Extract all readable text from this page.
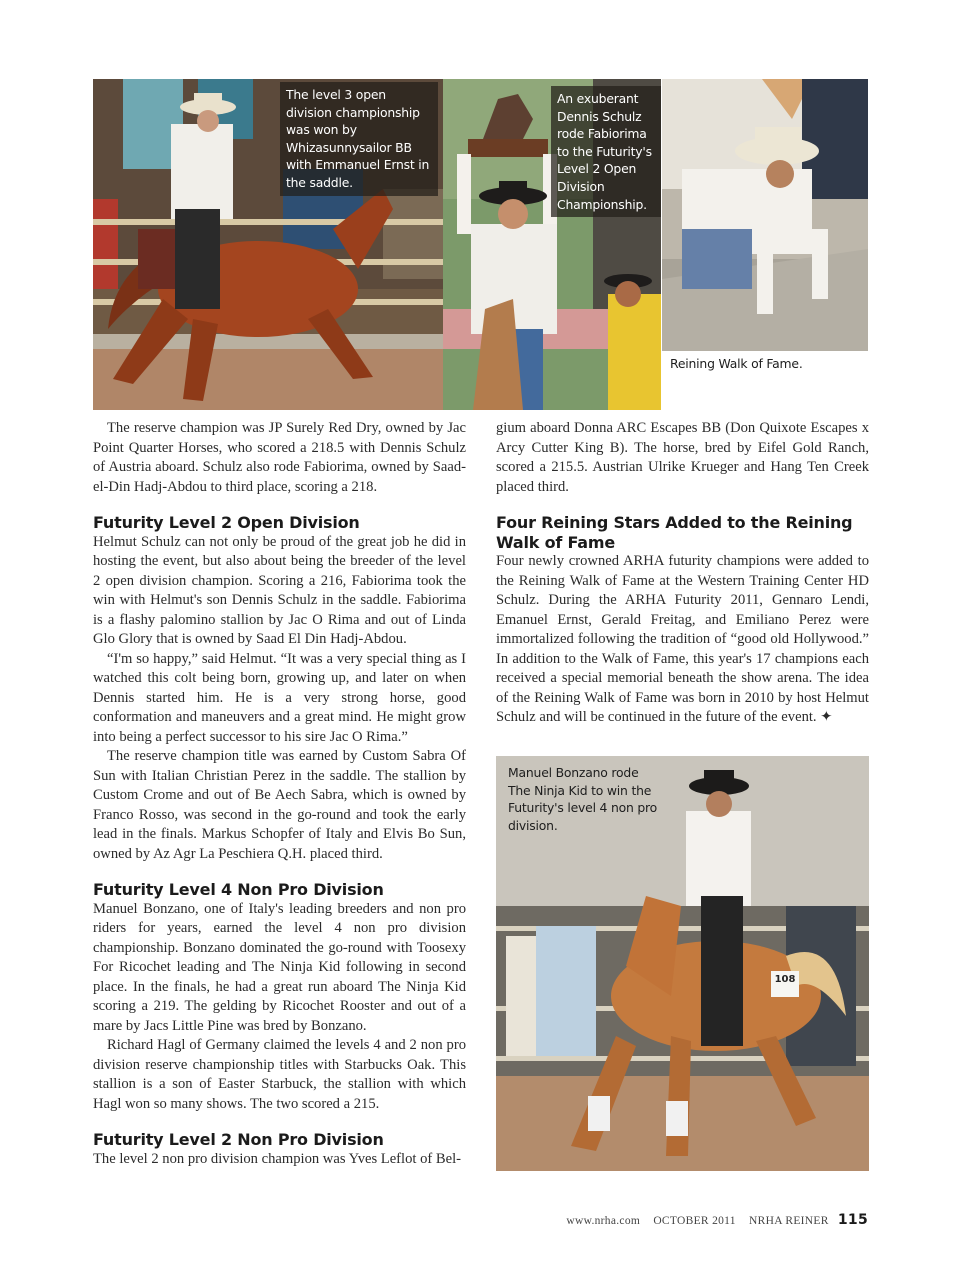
The level 3 open division championship was won by Whizasunnysailor BB with Emmanuel Ernst in the saddle.
An exuberant Dennis Schulz rode Fabiorima to the Futurity's Level 2 Open Division Championship.
Reining Walk of Fame.

The reserve champion was JP Surely Red Dry, owned by Jac Point Quarter Horses, who scored a 218.5 with Dennis Schulz of Austria aboard. Schulz also rode Fabiorima, owned by Saad-el-Din Hadj-Abdou to third place, scoring a 218.

Futurity Level 2 Open Division

Helmut Schulz can not only be proud of the great job he did in hosting the event, but also about being the breeder of the level 2 open division champion. Scoring a 216, Fabiorima took the win with Helmut's son Dennis Schulz in the saddle. Fabiorima is a flashy palomino stallion by Jac O Rima and out of Linda Glo Glory that is owned by Saad El Din Hadj-Abdou.

“I'm so happy,” said Helmut. “It was a very special thing as I watched this colt being born, growing up, and later on when Dennis started him. He is a very strong horse, good conformation and maneuvers and a great mind. He might grow into being a perfect successor to his sire Jac O Rima.”

The reserve champion title was earned by Custom Sabra Of Sun with Italian Christian Perez in the saddle. The stallion by Custom Crome and out of Be Aech Sabra, which is owned by Franco Rosso, was second in the go-round and took the early lead in the finals. Markus Schopfer of Italy and Elvis Bo Sun, owned by Az Agr La Peschiera Q.H. placed third.

Futurity Level 4 Non Pro Division

Manuel Bonzano, one of Italy's leading breeders and non pro riders for years, earned the level 4 non pro division championship. Bonzano dominated the go-round with Toosexy For Ricochet leading and The Ninja Kid following in second place. In the finals, he had a great run aboard The Ninja Kid scoring a 219. The gelding by Ricochet Rooster and out of a mare by Jacs Little Pine was bred by Bonzano.

Richard Hagl of Germany claimed the levels 4 and 2 non pro division reserve championship titles with Starbucks Oak. This stallion is a son of Easter Starbuck, the stallion with which Hagl won so many shows. The two scored a 215.

Futurity Level 2 Non Pro Division

The level 2 non pro division champion was Yves Leflot of Bel-

gium aboard Donna ARC Escapes BB (Don Quixote Escapes x Arcy Cutter King B). The horse, bred by Eifel Gold Ranch, scored a 215.5. Austrian Ulrike Krueger and Hang Ten Creek placed third.

Four Reining Stars Added to the Reining Walk of Fame

Four newly crowned ARHA futurity champions were added to the Reining Walk of Fame at the Western Training Center HD Schulz. During the ARHA Futurity 2011, Gennaro Lendi, Emanuel Ernst, Gerald Freitag, and Emiliano Perez were immortalized following the tradition of “good old Hollywood.” In addition to the Walk of Fame, this year's 17 champions each received a special memorial beneath the show arena. The idea of the Reining Walk of Fame was born in 2010 by host Helmut Schulz and will be continued in the future of the event. ✦

108
Manuel Bonzano rode The Ninja Kid to win the Futurity's level 4 non pro division.
www.nrha.com OCTOBER 2011 NRHA REINER 115
